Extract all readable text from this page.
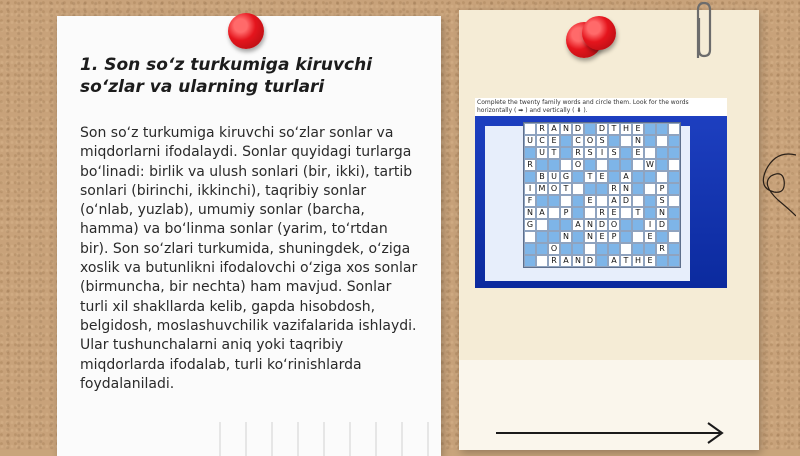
1. Son so‘z turkumiga kiruvchi so‘zlar va ularning turlari

Son so‘z turkumiga kiruvchi so‘zlar sonlar va miqdorlarni ifodalaydi. Sonlar quyidagi turlarga bo‘linadi: birlik va ulush sonlari (bir, ikki), tartib sonlari (birinchi, ikkinchi), taqribiy sonlar (o‘nlab, yuzlab), umumiy sonlar (barcha, hamma) va bo‘linma sonlar (yarim, to‘rtdan bir). Son so‘zlari turkumida, shuningdek, o‘ziga xoslik va butunlikni ifodalovchi o‘ziga xos sonlar (birmuncha, bir nechta) ham mavjud. Sonlar turli xil shakllarda kelib, gapda hisobdosh, belgidosh, moslashuvchilik vazifalarida ishlaydi. Ular tushunchalarni aniq yoki taqribiy miqdorlarda ifodalab, turli ko‘rinishlarda foydalaniladi.

Complete the twenty family words and circle them. Look for the words horizontally ( ➡ ) and vertically ( ⬇ ).
R A N D	D T H E
U C E	C O S	N
U T	R S	I	S	E
R	O	W
B U G	T E	A
I M O T	R N	P
F	E	A D	S
N A	P	R E	T	N
G	A N D O	I D
N	N E P	E
O	R
R A N D	A T H E
